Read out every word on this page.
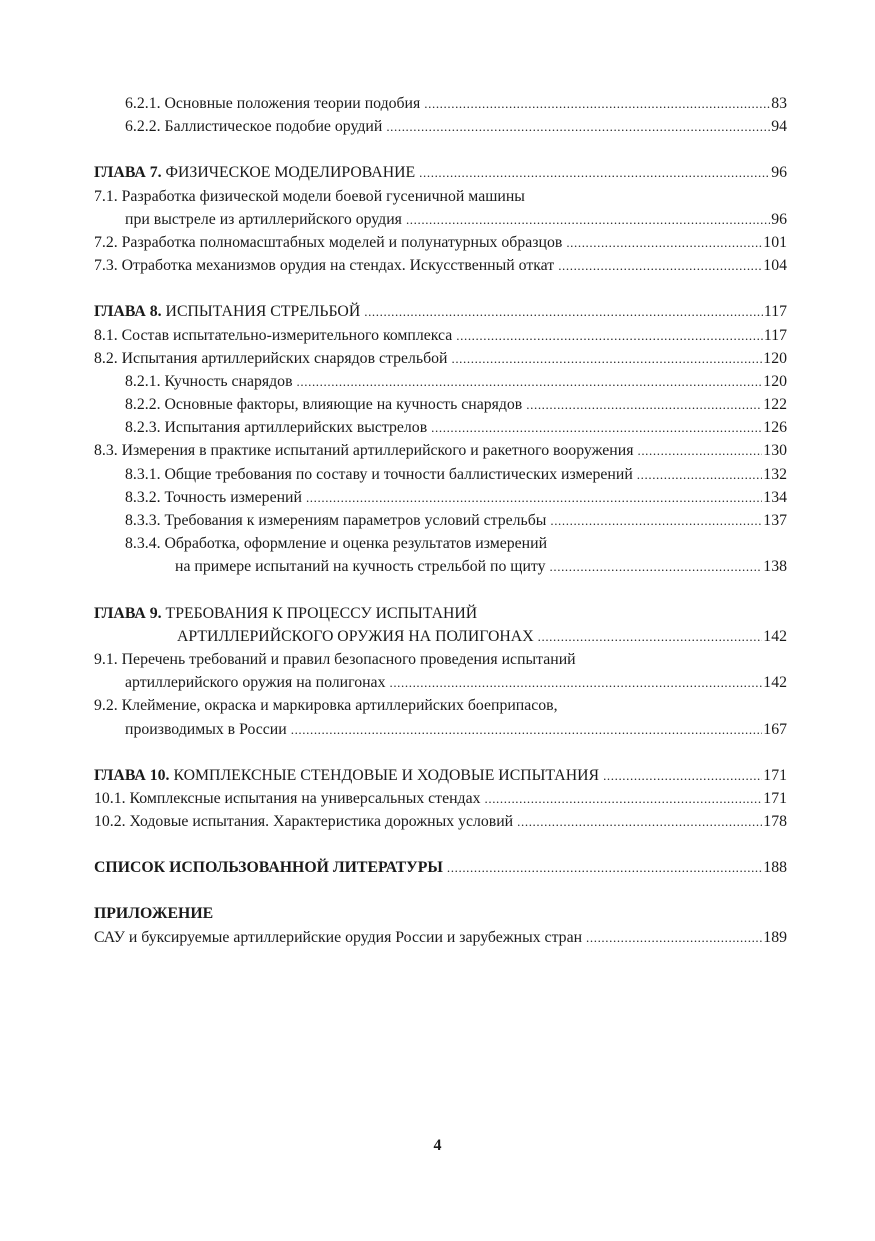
6.2.1. Основные положения теории подобия .....	83
6.2.2. Баллистическое подобие орудий .....	94
ГЛАВА 7. ФИЗИЧЕСКОЕ МОДЕЛИРОВАНИЕ .....	96
7.1. Разработка физической модели боевой гусеничной машины
при выстреле из артиллерийского орудия .....	96
7.2. Разработка полномасштабных моделей и полунатурных образцов .....	101
7.3. Отработка механизмов орудия на стендах. Искусственный откат .....	104
ГЛАВА 8. ИСПЫТАНИЯ СТРЕЛЬБОЙ .....	117
8.1. Состав испытательно-измерительного комплекса .....	117
8.2. Испытания артиллерийских снарядов стрельбой .....	120
8.2.1. Кучность снарядов .....	120
8.2.2. Основные факторы, влияющие на кучность снарядов .....	122
8.2.3. Испытания артиллерийских выстрелов .....	126
8.3. Измерения в практике испытаний артиллерийского и ракетного вооружения .....	130
8.3.1. Общие требования по составу и точности баллистических измерений .....	132
8.3.2. Точность измерений .....	134
8.3.3. Требования к измерениям параметров условий стрельбы .....	137
8.3.4. Обработка, оформление и оценка результатов измерений
на примере испытаний на кучность стрельбой по щиту .....	138
ГЛАВА 9. ТРЕБОВАНИЯ К ПРОЦЕССУ ИСПЫТАНИЙ
АРТИЛЛЕРИЙСКОГО ОРУЖИЯ НА ПОЛИГОНАХ .....	142
9.1. Перечень требований и правил безопасного проведения испытаний
артиллерийского оружия на полигонах .....	142
9.2. Клеймение, окраска и маркировка артиллерийских боеприпасов,
производимых в России .....	167
ГЛАВА 10. КОМПЛЕКСНЫЕ СТЕНДОВЫЕ И ХОДОВЫЕ ИСПЫТАНИЯ .....	171
10.1. Комплексные испытания на универсальных стендах .....	171
10.2. Ходовые испытания. Характеристика дорожных условий .....	178
СПИСОК ИСПОЛЬЗОВАННОЙ ЛИТЕРАТУРЫ .....	188
ПРИЛОЖЕНИЕ
САУ и буксируемые артиллерийские орудия России и зарубежных стран .....	189
4
